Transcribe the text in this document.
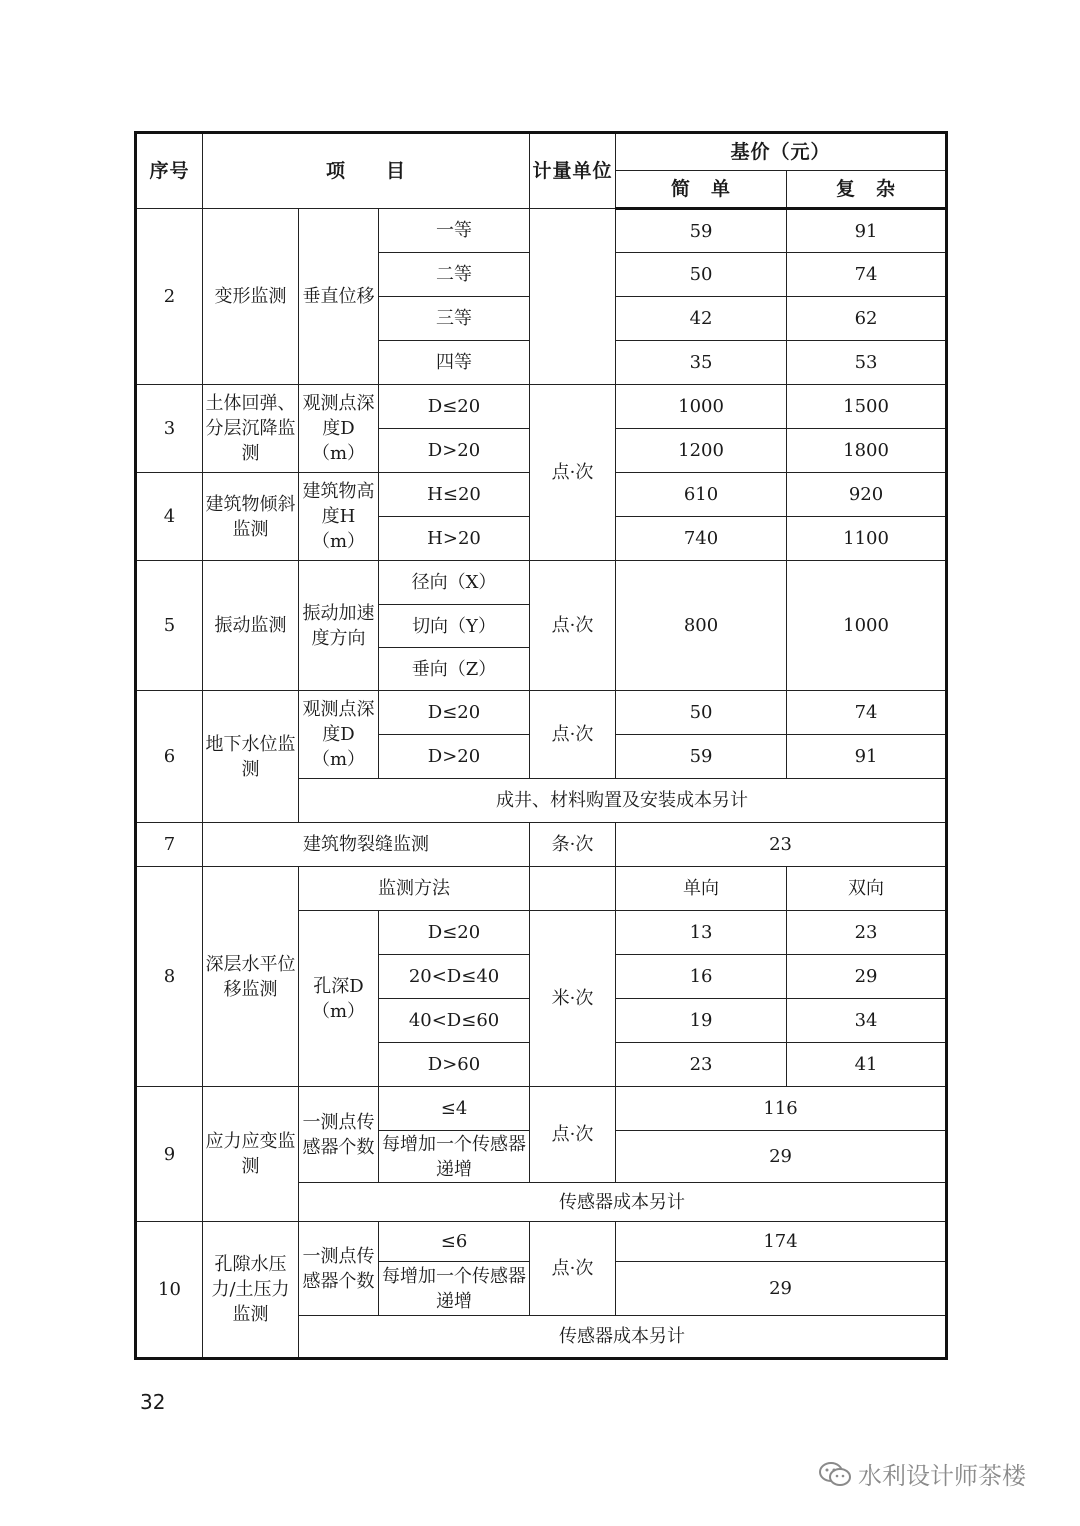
序号	项　　目			计量单位	基价（元）	
					简　单	复　杂
2	变形监测	垂直位移	一等		59	91
			二等		50	74
			三等		42	62
			四等		35	53
3	土体回弹、分层沉降监测	观测点深度D（m）	D≤20	点·次	1000	1500
			D>20		1200	1800
4	建筑物倾斜监测	建筑物高度H（m）	H≤20		610	920
			H>20		740	1100
5	振动监测	振动加速度方向	径向（X）	点·次	800	1000
			切向（Y）			
			垂向（Z）			
6	地下水位监测	观测点深度D（m）	D≤20	点·次	50	74
			D>20		59	91
		成井、材料购置及安装成本另计				
7	建筑物裂缝监测			条·次	23	
8	深层水平位移监测	监测方法			单向	双向
		孔深D（m）	D≤20	米·次	13	23
			20<D≤40		16	29
			40<D≤60		19	34
			D>60		23	41
9	应力应变监测	一测点传感器个数	≤4	点·次	116	
			每增加一个传感器递增		29	
		传感器成本另计				
10	孔隙水压力/土压力监测	一测点传感器个数	≤6	点·次	174	
			每增加一个传感器递增		29	
		传感器成本另计				
32
水利设计师茶楼
